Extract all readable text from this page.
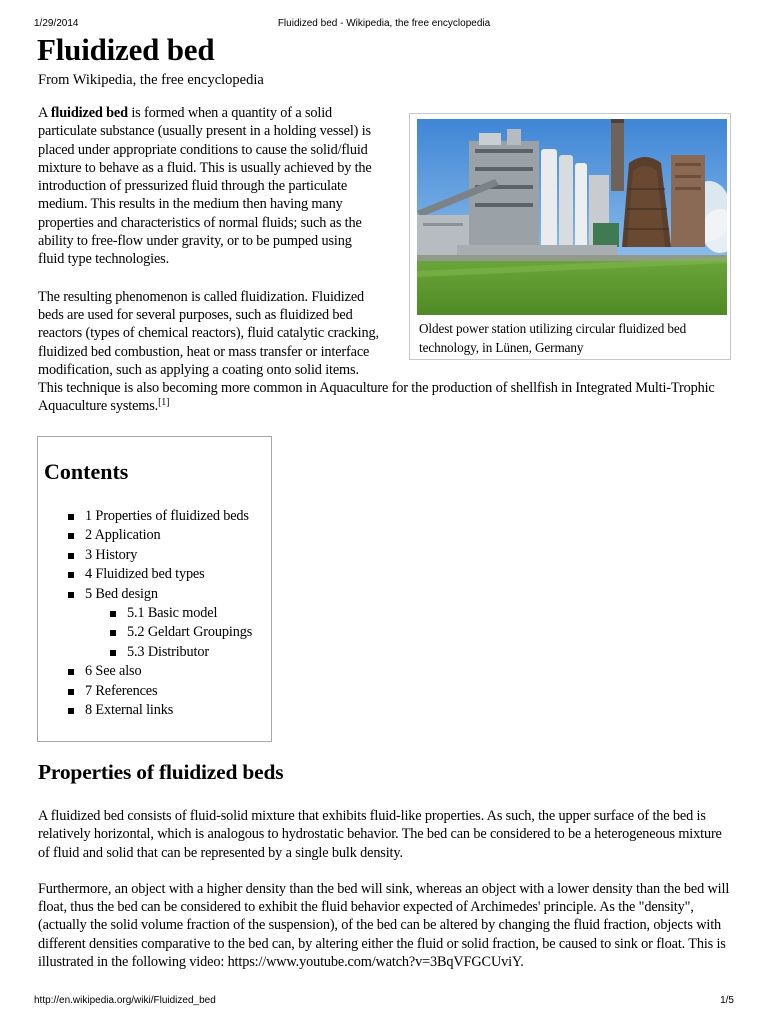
1/29/2014	Fluidized bed - Wikipedia, the free encyclopedia
Fluidized bed
From Wikipedia, the free encyclopedia

A fluidized bed is formed when a quantity of a solid particulate substance (usually present in a holding vessel) is placed under appropriate conditions to cause the solid/fluid mixture to behave as a fluid. This is usually achieved by the introduction of pressurized fluid through the particulate medium. This results in the medium then having many properties and characteristics of normal fluids; such as the ability to free-flow under gravity, or to be pumped using fluid type technologies.

The resulting phenomenon is called fluidization. Fluidized beds are used for several purposes, such as fluidized bed reactors (types of chemical reactors), fluid catalytic cracking, fluidized bed combustion, heat or mass transfer or interface modification, such as applying a coating onto solid items. This technique is also becoming more common in Aquaculture for the production of shellfish in Integrated Multi-Trophic Aquaculture systems.[1]

Oldest power station utilizing circular fluidized bed technology, in Lünen, Germany
Contents
1 Properties of fluidized beds
2 Application
3 History
4 Fluidized bed types
5 Bed design
5.1 Basic model
5.2 Geldart Groupings
5.3 Distributor
6 See also
7 References
8 External links
Properties of fluidized beds

A fluidized bed consists of fluid-solid mixture that exhibits fluid-like properties. As such, the upper surface of the bed is relatively horizontal, which is analogous to hydrostatic behavior. The bed can be considered to be a heterogeneous mixture of fluid and solid that can be represented by a single bulk density.

Furthermore, an object with a higher density than the bed will sink, whereas an object with a lower density than the bed will float, thus the bed can be considered to exhibit the fluid behavior expected of Archimedes' principle. As the "density", (actually the solid volume fraction of the suspension), of the bed can be altered by changing the fluid fraction, objects with different densities comparative to the bed can, by altering either the fluid or solid fraction, be caused to sink or float. This is illustrated in the following video: https://www.youtube.com/watch?v=3BqVFGCUviY.

http://en.wikipedia.org/wiki/Fluidized_bed	1/5
